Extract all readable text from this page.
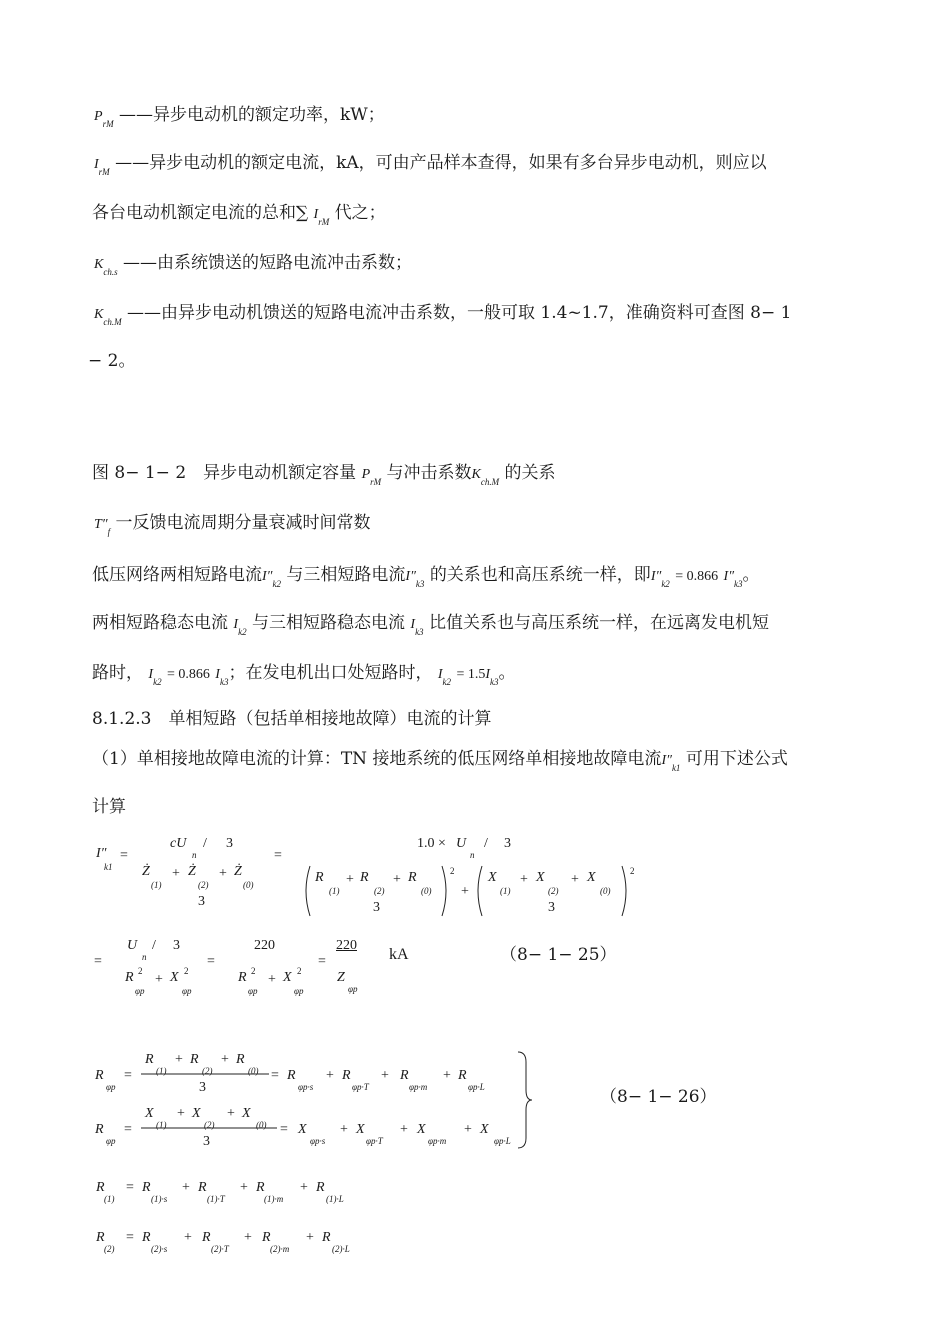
$P_{rM}$ ——异步电动机的额定功率，kW；
$I_{rM}$ ——异步电动机的额定电流，kA，可由产品样本查得，如果有多台异步电动机，则应以
各台电动机额定电流的总和∑ $I_{rM}$ 代之；
$K_{ch.s}$ ——由系统馈送的短路电流冲击系数；
$K_{ch.M}$ ——由异步电动机馈送的短路电流冲击系数，一般可取 1.4~1.7，准确资料可查图 8− 1
− 2。
图 8− 1− 2　异步电动机额定容量 $P_{rM}$ 与冲击系数$K_{ch.M}$ 的关系
$T''_f$ 一反馈电流周期分量衰减时间常数
低压网络两相短路电流$I''_{k2}$ 与三相短路电流$I''_{k3}$ 的关系也和高压系统一样，即$I''_{k2} = 0.866$ $I''_{k3}$。
两相短路稳态电流 $I_{k2}$ 与三相短路稳态电流 $I_{k3}$ 比值关系也与高压系统一样，在远离发电机短
路时， $I_{k2} = 0.866$ $I_{k3}$；在发电机出口处短路时， $I_{k2} = 1.5I_{k3}$。
8.1.2.3　单相短路（包括单相接地故障）电流的计算
（1）单相接地故障电流的计算：TN 接地系统的低压网络单相接地故障电流$I''_{k1}$ 可用下述公式
计算
I″
k1
=
cU
n
/ 3
Ż
(1)
+ Ż
(2)
+ Ż
(0)
3
=
1.0 × U
n
/ 3
R
(1)
+ R
(2)
+ R
(0)
3
2
+
X
(1)
+ X
(2)
+ X
(0)
3
2
=
U
n
/ 3
R 2
φp
+ X 2
φp
=
220
R 2
φp
+ X 2
φp
=
220
Z
φp
kA	（8− 1− 25）
R
φp
=
R
(1)
+ R
(2)
+ R
(0)
3
= R
φp·s
+ R
φp·T
+ R
φp·m
+ R
φp·L
R
φp
=
X
(1)
+ X
(2)
+ X
(0)
3
= X
φp·s
+ X
φp·T
+ X
φp·m
+ X
φp·L
（8− 1− 26）
R
(1)
= R
(1)·s
+ R
(1)·T
+ R
(1)·m
+ R
(1)·L
R
(2)
= R
(2)·s
+ R
(2)·T
+ R
(2)·m
+ R
(2)·L
